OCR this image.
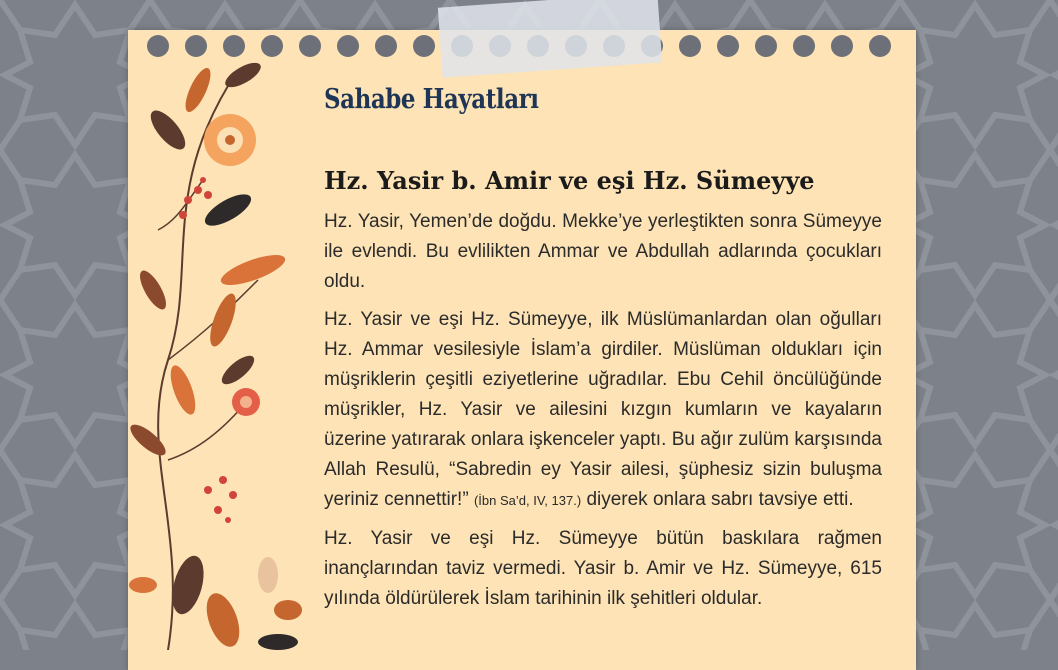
Sahabe Hayatları
Hz. Yasir b. Amir ve eşi Hz. Sümeyye

Hz. Yasir, Yemen’de doğdu. Mekke’ye yerleştikten sonra Sümeyye ile evlendi. Bu evlilikten Ammar ve Abdullah adlarında çocukları oldu.

Hz. Yasir ve eşi Hz. Sümeyye, ilk Müslümanlardan olan oğulları Hz. Ammar vesilesiyle İslam’a girdiler. Müslüman oldukları için müşriklerin çeşitli eziyetlerine uğradılar. Ebu Cehil öncülüğünde müşrikler, Hz. Yasir ve ailesini kızgın kumların ve kayaların üzerine yatırarak onlara işkenceler yaptı. Bu ağır zulüm karşısında Allah Resulü, “Sabredin ey Yasir ailesi, şüphesiz sizin buluşma yeriniz cennettir!” (İbn Sa’d, IV, 137.) diyerek onlara sabrı tavsiye etti.

Hz. Yasir ve eşi Hz. Sümeyye bütün baskılara rağmen inançlarından taviz vermedi. Yasir b. Amir ve Hz. Sümeyye, 615 yılında öldürülerek İslam tarihinin ilk şehitleri oldular.
